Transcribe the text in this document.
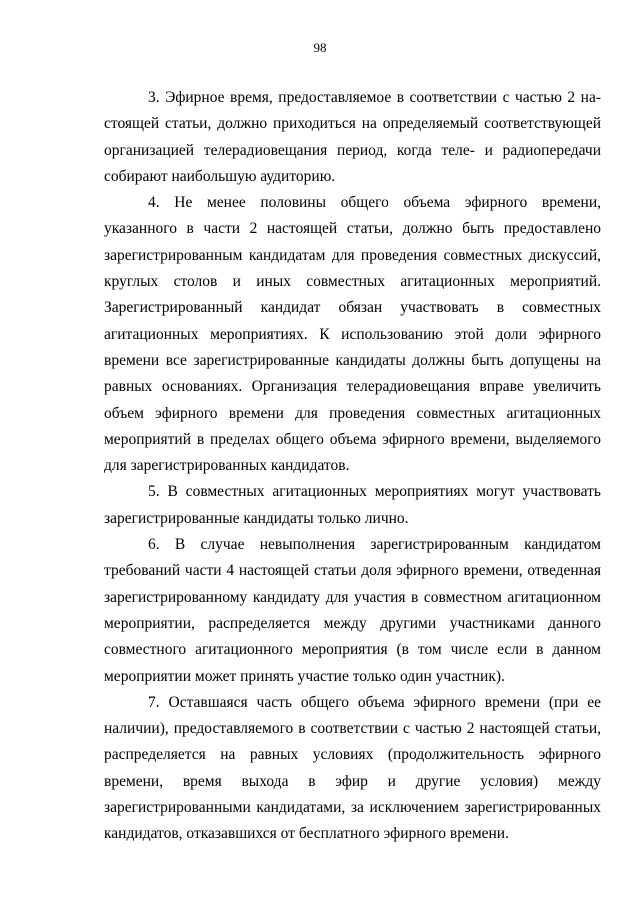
98

3. Эфирное время, предоставляемое в соответствии с частью 2 настоящей статьи, должно приходиться на определяемый соответствующей организацией телерадиовещания период, когда теле- и радиопередачи собирают наибольшую аудиторию.

4. Не менее половины общего объема эфирного времени, указанного в части 2 настоящей статьи, должно быть предоставлено зарегистрированным кандидатам для проведения совместных дискуссий, круглых столов и иных совместных агитационных мероприятий. Зарегистрированный кандидат обязан участвовать в совместных агитационных мероприятиях. К использованию этой доли эфирного времени все зарегистрированные кандидаты должны быть допущены на равных основаниях. Организация телерадиовещания вправе увеличить объем эфирного времени для проведения совместных агитационных мероприятий в пределах общего объема эфирного времени, выделяемого для зарегистрированных кандидатов.

5. В совместных агитационных мероприятиях могут участвовать зарегистрированные кандидаты только лично.

6. В случае невыполнения зарегистрированным кандидатом требований части 4 настоящей статьи доля эфирного времени, отведенная зарегистрированному кандидату для участия в совместном агитационном мероприятии, распределяется между другими участниками данного совместного агитационного мероприятия (в том числе если в данном мероприятии может принять участие только один участник).

7. Оставшаяся часть общего объема эфирного времени (при ее наличии), предоставляемого в соответствии с частью 2 настоящей статьи, распределяется на равных условиях (продолжительность эфирного времени, время выхода в эфир и другие условия) между зарегистрированными кандидатами, за исключением зарегистрированных кандидатов, отказавшихся от бесплатного эфирного времени.
